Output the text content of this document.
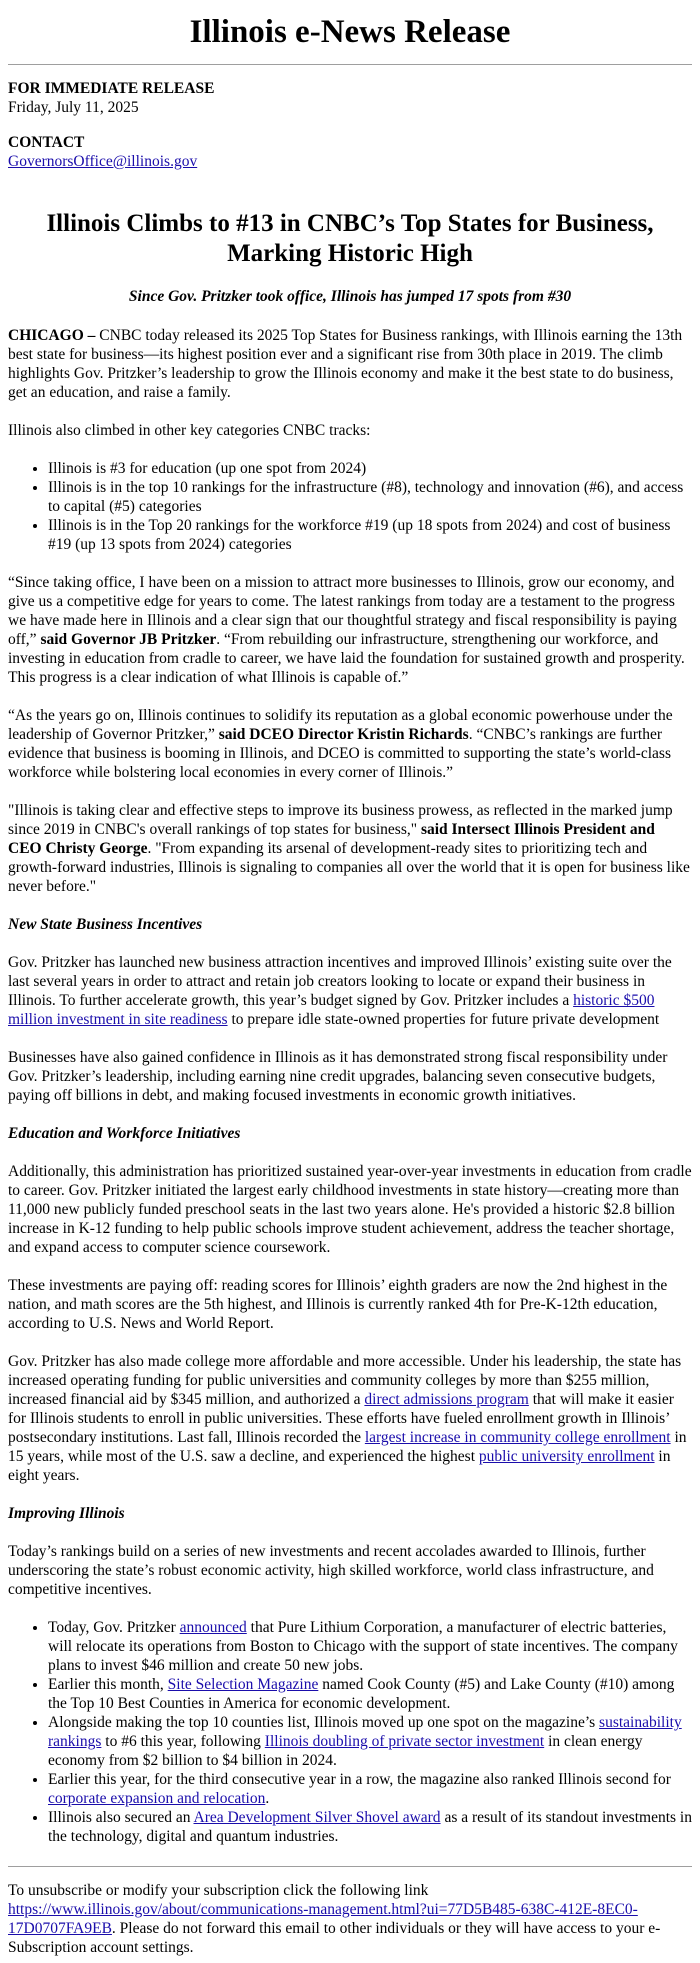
Illinois e-News Release
FOR IMMEDIATE RELEASE
Friday, July 11, 2025
CONTACT
GovernorsOffice@illinois.gov
Illinois Climbs to #13 in CNBC’s Top States for Business, Marking Historic High
Since Gov. Pritzker took office, Illinois has jumped 17 spots from #30

CHICAGO – CNBC today released its 2025 Top States for Business rankings, with Illinois earning the 13th best state for business—its highest position ever and a significant rise from 30th place in 2019. The climb highlights Gov. Pritzker’s leadership to grow the Illinois economy and make it the best state to do business, get an education, and raise a family.

Illinois also climbed in other key categories CNBC tracks:

• Illinois is #3 for education (up one spot from 2024)
• Illinois is in the top 10 rankings for the infrastructure (#8), technology and innovation (#6), and access to capital (#5) categories
• Illinois is in the Top 20 rankings for the workforce #19 (up 18 spots from 2024) and cost of business #19 (up 13 spots from 2024) categories

“Since taking office, I have been on a mission to attract more businesses to Illinois, grow our economy, and give us a competitive edge for years to come. The latest rankings from today are a testament to the progress we have made here in Illinois and a clear sign that our thoughtful strategy and fiscal responsibility is paying off,” said Governor JB Pritzker. “From rebuilding our infrastructure, strengthening our workforce, and investing in education from cradle to career, we have laid the foundation for sustained growth and prosperity. This progress is a clear indication of what Illinois is capable of.”

“As the years go on, Illinois continues to solidify its reputation as a global economic powerhouse under the leadership of Governor Pritzker,” said DCEO Director Kristin Richards. “CNBC’s rankings are further evidence that business is booming in Illinois, and DCEO is committed to supporting the state’s world-class workforce while bolstering local economies in every corner of Illinois.”

"Illinois is taking clear and effective steps to improve its business prowess, as reflected in the marked jump since 2019 in CNBC's overall rankings of top states for business," said Intersect Illinois President and CEO Christy George. "From expanding its arsenal of development-ready sites to prioritizing tech and growth-forward industries, Illinois is signaling to companies all over the world that it is open for business like never before."

New State Business Incentives

Gov. Pritzker has launched new business attraction incentives and improved Illinois’ existing suite over the last several years in order to attract and retain job creators looking to locate or expand their business in Illinois. To further accelerate growth, this year’s budget signed by Gov. Pritzker includes a historic $500 million investment in site readiness to prepare idle state-owned properties for future private development

Businesses have also gained confidence in Illinois as it has demonstrated strong fiscal responsibility under Gov. Pritzker’s leadership, including earning nine credit upgrades, balancing seven consecutive budgets, paying off billions in debt, and making focused investments in economic growth initiatives.

Education and Workforce Initiatives

Additionally, this administration has prioritized sustained year-over-year investments in education from cradle to career. Gov. Pritzker initiated the largest early childhood investments in state history—creating more than 11,000 new publicly funded preschool seats in the last two years alone. He's provided a historic $2.8 billion increase in K-12 funding to help public schools improve student achievement, address the teacher shortage, and expand access to computer science coursework.

These investments are paying off: reading scores for Illinois’ eighth graders are now the 2nd highest in the nation, and math scores are the 5th highest, and Illinois is currently ranked 4th for Pre-K-12th education, according to U.S. News and World Report.

Gov. Pritzker has also made college more affordable and more accessible. Under his leadership, the state has increased operating funding for public universities and community colleges by more than $255 million, increased financial aid by $345 million, and authorized a direct admissions program that will make it easier for Illinois students to enroll in public universities. These efforts have fueled enrollment growth in Illinois’ postsecondary institutions. Last fall, Illinois recorded the largest increase in community college enrollment in 15 years, while most of the U.S. saw a decline, and experienced the highest public university enrollment in eight years.

Improving Illinois

Today’s rankings build on a series of new investments and recent accolades awarded to Illinois, further underscoring the state’s robust economic activity, high skilled workforce, world class infrastructure, and competitive incentives.

• Today, Gov. Pritzker announced that Pure Lithium Corporation, a manufacturer of electric batteries, will relocate its operations from Boston to Chicago with the support of state incentives. The company plans to invest $46 million and create 50 new jobs.
• Earlier this month, Site Selection Magazine named Cook County (#5) and Lake County (#10) among the Top 10 Best Counties in America for economic development.
• Alongside making the top 10 counties list, Illinois moved up one spot on the magazine’s sustainability rankings to #6 this year, following Illinois doubling of private sector investment in clean energy economy from $2 billion to $4 billion in 2024.
• Earlier this year, for the third consecutive year in a row, the magazine also ranked Illinois second for corporate expansion and relocation.
• Illinois also secured an Area Development Silver Shovel award as a result of its standout investments in the technology, digital and quantum industries.

To unsubscribe or modify your subscription click the following link https://www.illinois.gov/about/communications-management.html?ui=77D5B485-638C-412E-8EC0-17D0707FA9EB. Please do not forward this email to other individuals or they will have access to your e-Subscription account settings.
